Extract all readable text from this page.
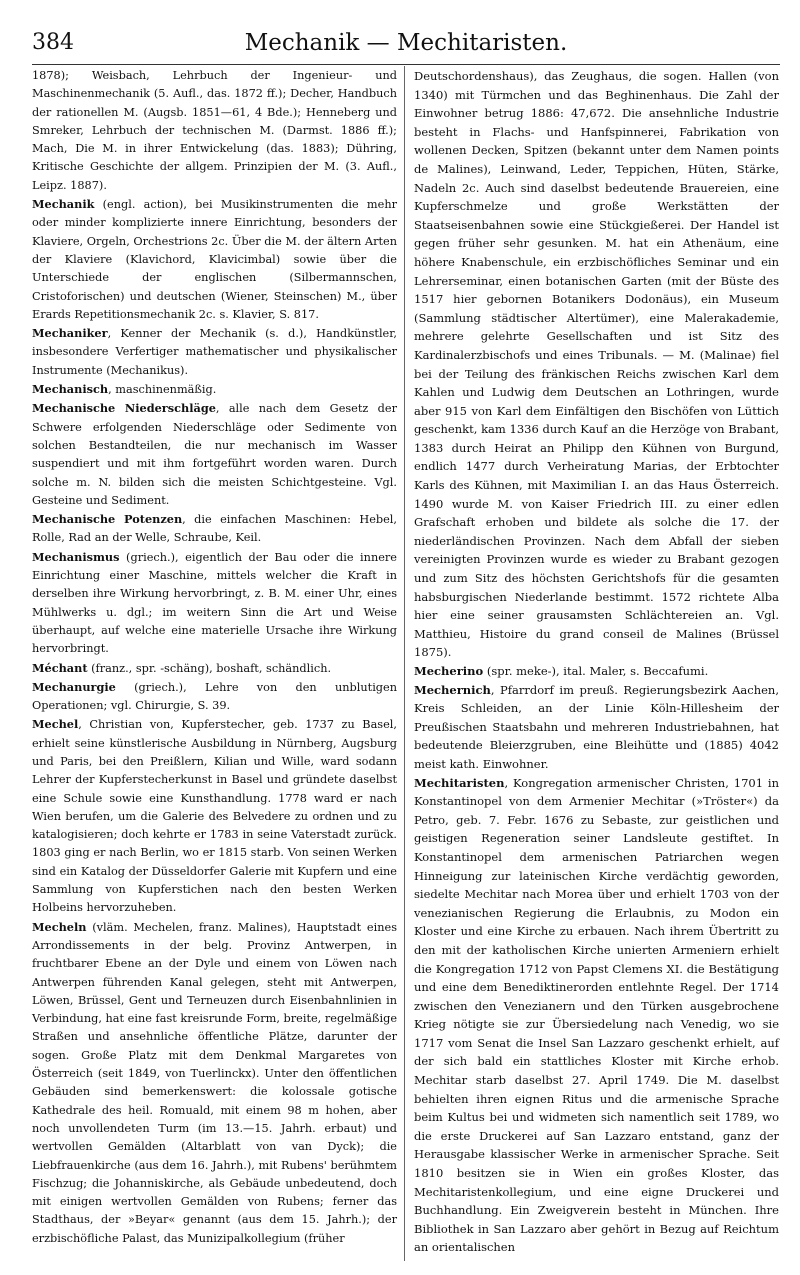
384	Mechanik — Mechitaristen.

1878); Weisbach, Lehrbuch der Ingenieur- und Maschinenmechanik (5. Aufl., das. 1872 ff.); Decher, Handbuch der rationellen M. (Augsb. 1851—61, 4 Bde.); Henneberg und Smreker, Lehrbuch der technischen M. (Darmst. 1886 ff.); Mach, Die M. in ihrer Entwickelung (das. 1883); Dühring, Kritische Geschichte der allgem. Prinzipien der M. (3. Aufl., Leipz. 1887).

Mechanik (engl. action), bei Musikinstrumenten die mehr oder minder komplizierte innere Einrichtung, besonders der Klaviere, Orgeln, Orchestrions 2c. Über die M. der ältern Arten der Klaviere (Klavichord, Klavicimbal) sowie über die Unterschiede der englischen (Silbermannschen, Cristoforischen) und deutschen (Wiener, Steinschen) M., über Erards Repetitionsmechanik 2c. s. Klavier, S. 817.

Mechaniker, Kenner der Mechanik (s. d.), Handkünstler, insbesondere Verfertiger mathematischer und physikalischer Instrumente (Mechanikus).

Mechanisch, maschinenmäßig.

Mechanische Niederschläge, alle nach dem Gesetz der Schwere erfolgenden Niederschläge oder Sedimente von solchen Bestandteilen, die nur mechanisch im Wasser suspendiert und mit ihm fortgeführt worden waren. Durch solche m. N. bilden sich die meisten Schichtgesteine. Vgl. Gesteine und Sediment.

Mechanische Potenzen, die einfachen Maschinen: Hebel, Rolle, Rad an der Welle, Schraube, Keil.

Mechanismus (griech.), eigentlich der Bau oder die innere Einrichtung einer Maschine, mittels welcher die Kraft in derselben ihre Wirkung hervorbringt, z. B. M. einer Uhr, eines Mühlwerks u. dgl.; im weitern Sinn die Art und Weise überhaupt, auf welche eine materielle Ursache ihre Wirkung hervorbringt.

Méchant (franz., spr. -schäng), boshaft, schändlich.

Mechanurgie (griech.), Lehre von den unblutigen Operationen; vgl. Chirurgie, S. 39.

Mechel, Christian von, Kupferstecher, geb. 1737 zu Basel, erhielt seine künstlerische Ausbildung in Nürnberg, Augsburg und Paris, bei den Preißlern, Kilian und Wille, ward sodann Lehrer der Kupferstecherkunst in Basel und gründete daselbst eine Schule sowie eine Kunsthandlung. 1778 ward er nach Wien berufen, um die Galerie des Belvedere zu ordnen und zu katalogisieren; doch kehrte er 1783 in seine Vaterstadt zurück. 1803 ging er nach Berlin, wo er 1815 starb. Von seinen Werken sind ein Katalog der Düsseldorfer Galerie mit Kupfern und eine Sammlung von Kupferstichen nach den besten Werken Holbeins hervorzuheben.

Mecheln (vläm. Mechelen, franz. Malines), Hauptstadt eines Arrondissements in der belg. Provinz Antwerpen, in fruchtbarer Ebene an der Dyle und einem von Löwen nach Antwerpen führenden Kanal gelegen, steht mit Antwerpen, Löwen, Brüssel, Gent und Terneuzen durch Eisenbahnlinien in Verbindung, hat eine fast kreisrunde Form, breite, regelmäßige Straßen und ansehnliche öffentliche Plätze, darunter der sogen. Große Platz mit dem Denkmal Margaretes von Österreich (seit 1849, von Tuerlinckx). Unter den öffentlichen Gebäuden sind bemerkenswert: die kolossale gotische Kathedrale des heil. Romuald, mit einem 98 m hohen, aber noch unvollendeten Turm (im 13.—15. Jahrh. erbaut) und wertvollen Gemälden (Altarblatt von van Dyck); die Liebfrauenkirche (aus dem 16. Jahrh.), mit Rubens' berühmtem Fischzug; die Johanniskirche, als Gebäude unbedeutend, doch mit einigen wertvollen Gemälden von Rubens; ferner das Stadthaus, der »Beyar« genannt (aus dem 15. Jahrh.); der erzbischöfliche Palast, das Munizipalkollegium (früher

Deutschordenshaus), das Zeughaus, die sogen. Hallen (von 1340) mit Türmchen und das Beghinenhaus. Die Zahl der Einwohner betrug 1886: 47,672. Die ansehnliche Industrie besteht in Flachs- und Hanfspinnerei, Fabrikation von wollenen Decken, Spitzen (bekannt unter dem Namen points de Malines), Leinwand, Leder, Teppichen, Hüten, Stärke, Nadeln 2c. Auch sind daselbst bedeutende Brauereien, eine Kupferschmelze und große Werkstätten der Staatseisenbahnen sowie eine Stückgießerei. Der Handel ist gegen früher sehr gesunken. M. hat ein Athenäum, eine höhere Knabenschule, ein erzbischöfliches Seminar und ein Lehrerseminar, einen botanischen Garten (mit der Büste des 1517 hier gebornen Botanikers Dodonäus), ein Museum (Sammlung städtischer Altertümer), eine Malerakademie, mehrere gelehrte Gesellschaften und ist Sitz des Kardinalerzbischofs und eines Tribunals. — M. (Malinae) fiel bei der Teilung des fränkischen Reichs zwischen Karl dem Kahlen und Ludwig dem Deutschen an Lothringen, wurde aber 915 von Karl dem Einfältigen den Bischöfen von Lüttich geschenkt, kam 1336 durch Kauf an die Herzöge von Brabant, 1383 durch Heirat an Philipp den Kühnen von Burgund, endlich 1477 durch Verheiratung Marias, der Erbtochter Karls des Kühnen, mit Maximilian I. an das Haus Österreich. 1490 wurde M. von Kaiser Friedrich III. zu einer edlen Grafschaft erhoben und bildete als solche die 17. der niederländischen Provinzen. Nach dem Abfall der sieben vereinigten Provinzen wurde es wieder zu Brabant gezogen und zum Sitz des höchsten Gerichtshofs für die gesamten habsburgischen Niederlande bestimmt. 1572 richtete Alba hier eine seiner grausamsten Schlächtereien an. Vgl. Matthieu, Histoire du grand conseil de Malines (Brüssel 1875).

Mecherino (spr. meke-), ital. Maler, s. Beccafumi.

Mechernich, Pfarrdorf im preuß. Regierungsbezirk Aachen, Kreis Schleiden, an der Linie Köln-Hillesheim der Preußischen Staatsbahn und mehreren Industriebahnen, hat bedeutende Bleierzgruben, eine Bleihütte und (1885) 4042 meist kath. Einwohner.

Mechitaristen, Kongregation armenischer Christen, 1701 in Konstantinopel von dem Armenier Mechitar (»Tröster«) da Petro, geb. 7. Febr. 1676 zu Sebaste, zur geistlichen und geistigen Regeneration seiner Landsleute gestiftet. In Konstantinopel dem armenischen Patriarchen wegen Hinneigung zur lateinischen Kirche verdächtig geworden, siedelte Mechitar nach Morea über und erhielt 1703 von der venezianischen Regierung die Erlaubnis, zu Modon ein Kloster und eine Kirche zu erbauen. Nach ihrem Übertritt zu den mit der katholischen Kirche unierten Armeniern erhielt die Kongregation 1712 von Papst Clemens XI. die Bestätigung und eine dem Benediktinerorden entlehnte Regel. Der 1714 zwischen den Venezianern und den Türken ausgebrochene Krieg nötigte sie zur Übersiedelung nach Venedig, wo sie 1717 vom Senat die Insel San Lazzaro geschenkt erhielt, auf der sich bald ein stattliches Kloster mit Kirche erhob. Mechitar starb daselbst 27. April 1749. Die M. daselbst behielten ihren eignen Ritus und die armenische Sprache beim Kultus bei und widmeten sich namentlich seit 1789, wo die erste Druckerei auf San Lazzaro entstand, ganz der Herausgabe klassischer Werke in armenischer Sprache. Seit 1810 besitzen sie in Wien ein großes Kloster, das Mechitaristenkollegium, und eine eigne Druckerei und Buchhandlung. Ein Zweigverein besteht in München. Ihre Bibliothek in San Lazzaro aber gehört in Bezug auf Reichtum an orientalischen
